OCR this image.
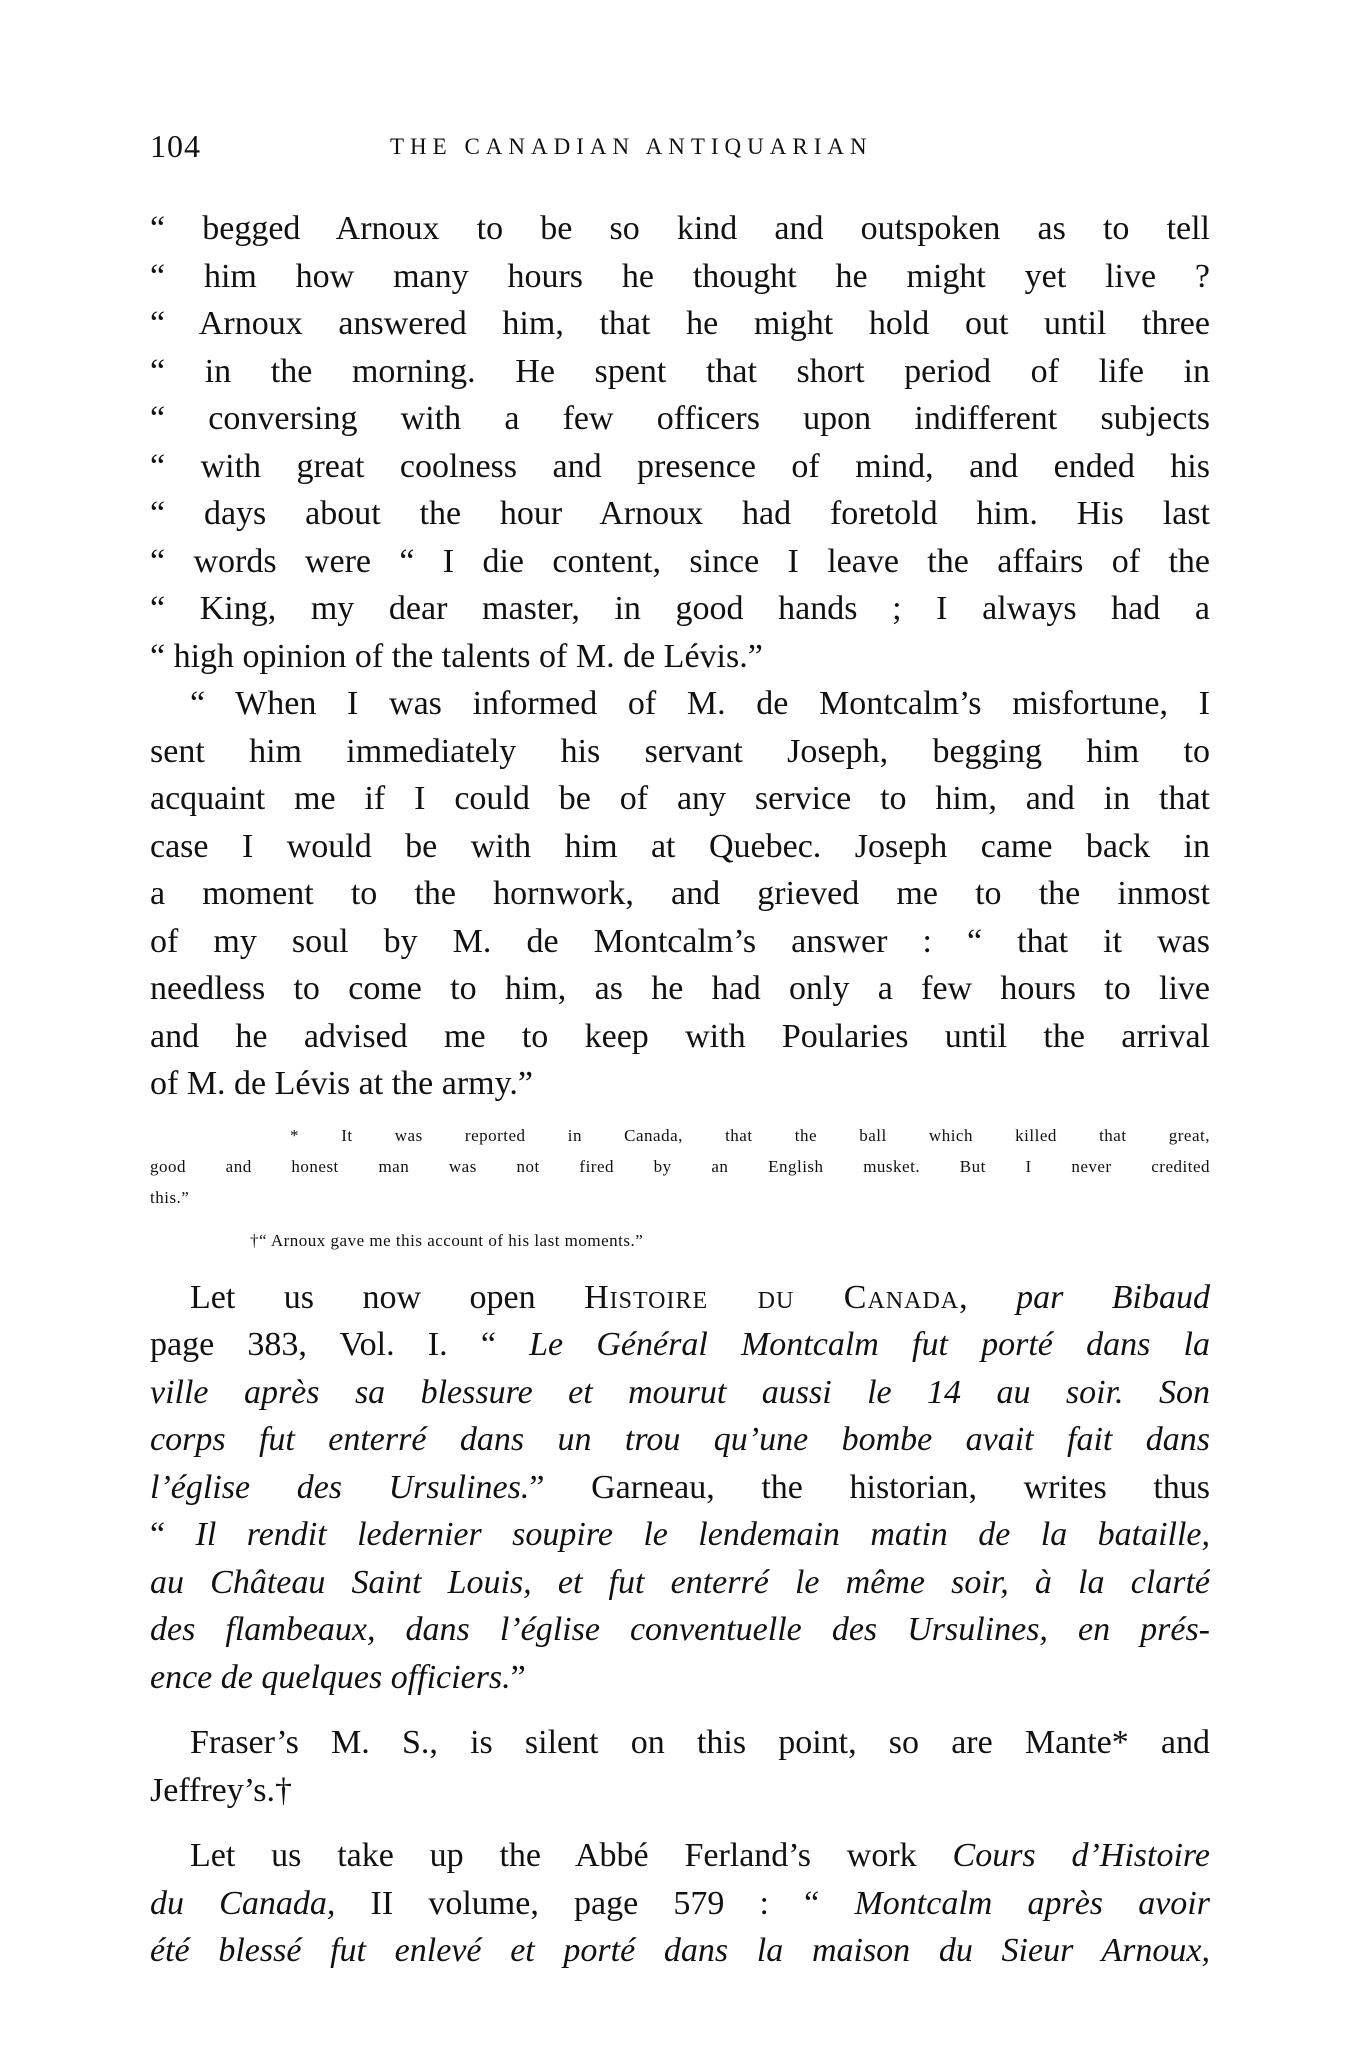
104	THE CANADIAN ANTIQUARIAN
“ begged Arnoux to be so kind and outspoken as to tell
“ him how many hours he thought he might yet live ?
“ Arnoux answered him, that he might hold out until three
“ in the morning. He spent that short period of life in
“ conversing with a few officers upon indifferent subjects
“ with great coolness and presence of mind, and ended his
“ days about the hour Arnoux had foretold him. His last
“ words were “ I die content, since I leave the affairs of the
“ King, my dear master, in good hands ; I always had a
“ high opinion of the talents of M. de Lévis.”
“ When I was informed of M. de Montcalm’s misfortune, I
sent him immediately his servant Joseph, begging him to
acquaint me if I could be of any service to him, and in that
case I would be with him at Quebec. Joseph came back in
a moment to the hornwork, and grieved me to the inmost
of my soul by M. de Montcalm’s answer : “ that it was
needless to come to him, as he had only a few hours to live
and he advised me to keep with Poularies until the arrival
of M. de Lévis at the army.”
* It was reported in Canada, that the ball which killed that great,
good and honest man was not fired by an English musket. But I never credited
this.”
†“ Arnoux gave me this account of his last moments.”
Let us now open Histoire du Canada, par Bibaud
page 383, Vol. I. “ Le Général Montcalm fut porté dans la
ville après sa blessure et mourut aussi le 14 au soir. Son
corps fut enterré dans un trou qu’une bombe avait fait dans
l’église des Ursulines.” Garneau, the historian, writes thus
“ Il rendit ledernier soupire le lendemain matin de la bataille,
au Château Saint Louis, et fut enterré le même soir, à la clarté
des flambeaux, dans l’église conventuelle des Ursulines, en prés-
ence de quelques officiers.”
Fraser’s M. S., is silent on this point, so are Mante* and
Jeffrey’s.†
Let us take up the Abbé Ferland’s work Cours d’Histoire
du Canada, II volume, page 579 : “ Montcalm après avoir
été blessé fut enlevé et porté dans la maison du Sieur Arnoux,
